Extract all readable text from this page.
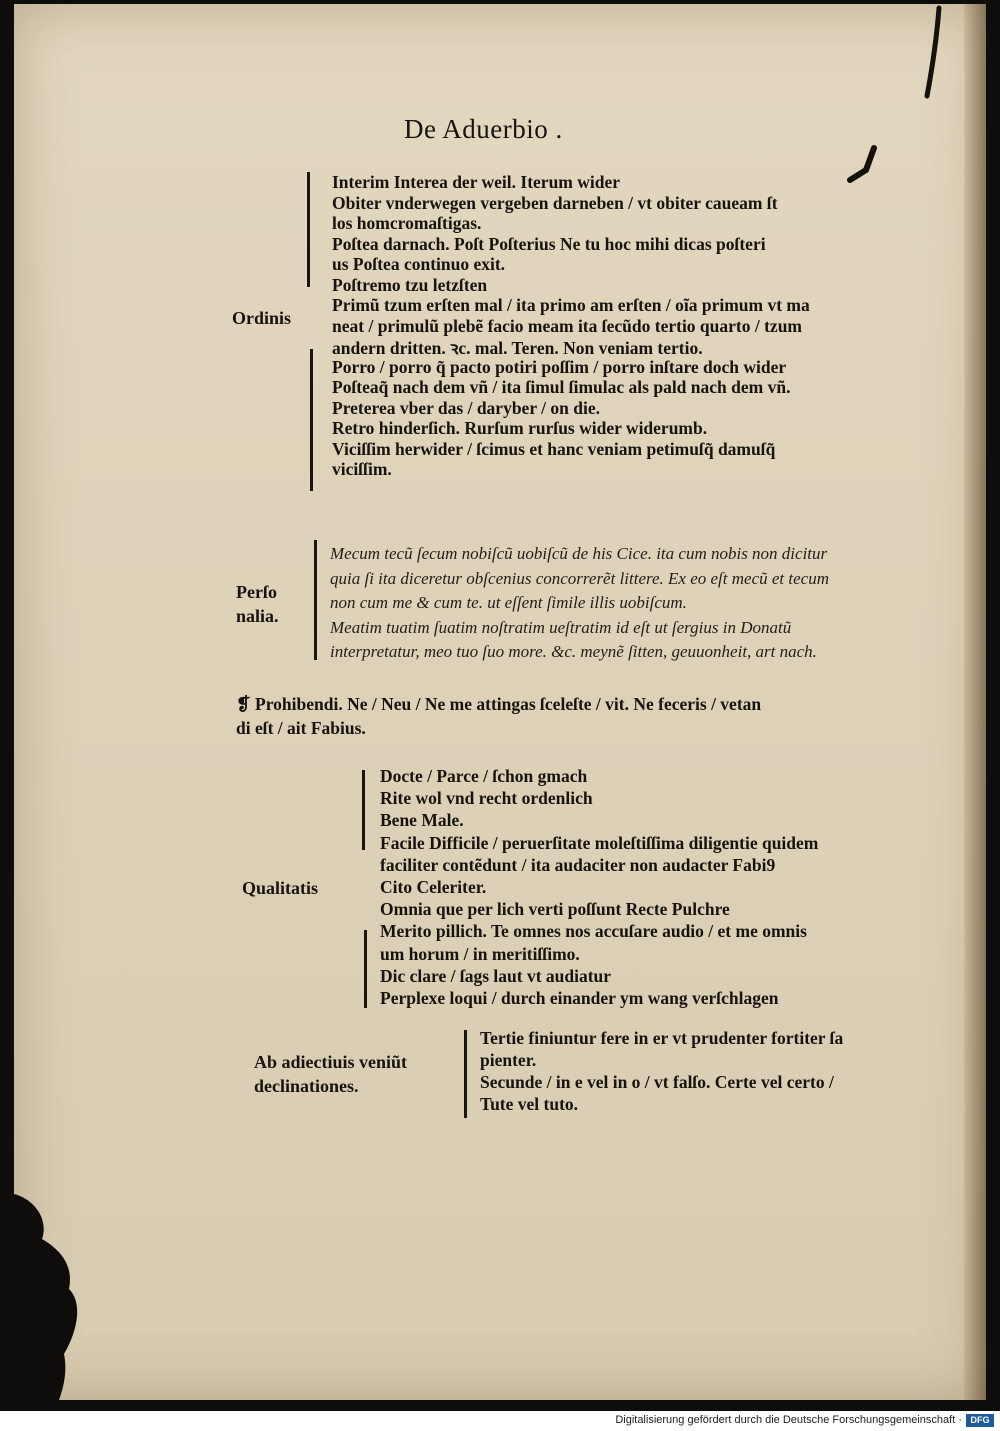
De Aduerbio .
Ordinis
Interim Interea der weil. Iterum wider
Obiter vnderwegen vergeben darneben / vt obiter caueam ſt
los homcromaſtigas.
Poſtea darnach. Poſt Poſterius Ne tu hoc mihi dicas poſteri
us Poſtea continuo exit.
Poſtremo tzu letzſten
Primũ tzum erſten mal / ita primo am erſten / oĩa primum vt ma
neat / primulũ plebẽ facio meam ita ſecũdo tertio quarto / tzum
andern dritten. ꝛc. mal. Teren. Non veniam tertio.
Porro / porro q̃ pacto potiri poſſim / porro inſtare doch wider
Poſteaq̃ nach dem vñ / ita ſimul ſimulac als pald nach dem vñ.
Preterea vber das / daryber / on die.
Retro hinderſich. Rurſum rurſus wider widerumb.
Viciſſim herwider / ſcimus et hanc veniam petimuſq̃ damuſq̃
viciſſim.
Perſo
nalia.
Mecum tecũ ſecum nobiſcũ uobiſcũ de his Cice. ita cum nobis non dicitur
quia ſi ita diceretur obſcenius concorrerẽt littere. Ex eo eſt mecũ et tecum
non cum me & cum te. ut eſſent ſimile illis uobiſcum.
Meatim tuatim ſuatim noſtratim ueſtratim id eſt ut ſergius in Donatũ
interpretatur, meo tuo ſuo more. &c. meynẽ ſitten, geuuonheit, art nach.
❡ Prohibendi. Ne / Neu / Ne me attingas ſceleſte / vit. Ne feceris / vetan
di eſt / ait Fabius.
Qualitatis
Docte / Parce / ſchon gmach
Rite wol vnd recht ordenlich
Bene Male.
Facile Difficile / peruerſitate moleſtiſſima diligentie quidem
faciliter contẽdunt / ita audaciter non audacter Fabi9
Cito Celeriter.
Omnia que per lich verti poſſunt Recte Pulchre
Merito pillich. Te omnes nos accuſare audio / et me omnis
um horum / in meritiſſimo.
Dic clare / ſags laut vt audiatur
Perplexe loqui / durch einander ym wang verſchlagen
Ab adiectiuis veniũt
declinationes.
Tertie finiuntur fere in er vt prudenter fortiter ſa
pienter.
Secunde / in e vel in o / vt falſo. Certe vel certo /
Tute vel tuto.
Digitalisierung gefördert durch die Deutsche Forschungsgemeinschaft · DFG
